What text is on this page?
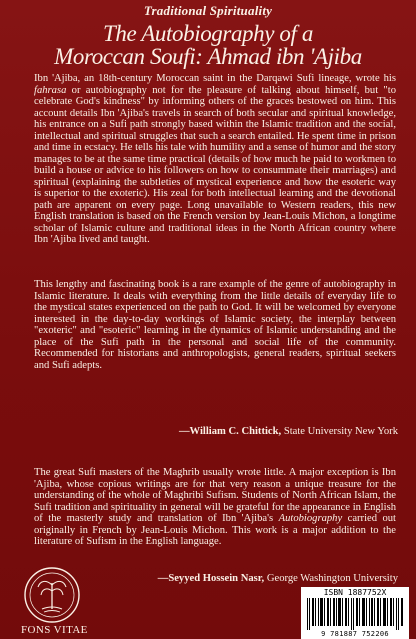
Traditional Spirituality
The Autobiography of a
Moroccan Soufi: Ahmad ibn 'Ajiba

Ibn 'Ajiba, an 18th-century Moroccan saint in the Darqawi Sufi lineage, wrote his fahrasa or autobiography not for the pleasure of talking about himself, but "to celebrate God's kindness" by informing others of the graces bestowed on him. This account details Ibn 'Ajiba's travels in search of both secular and spiritual knowledge, his entrance on a Sufi path strongly based within the Islamic tradition and the social, intellectual and spiritual struggles that such a search entailed. He spent time in prison and time in ecstacy. He tells his tale with humility and a sense of humor and the story manages to be at the same time practical (details of how much he paid to workmen to build a house or advice to his followers on how to consummate their marriages) and spiritual (explaining the subtleties of mystical experience and how the esoteric way is superior to the exoteric). His zeal for both intellectual learning and the devotional path are apparent on every page. Long unavailable to Western readers, this new English translation is based on the French version by Jean-Louis Michon, a longtime scholar of Islamic culture and traditional ideas in the North African country where Ibn 'Ajiba lived and taught.

This lengthy and fascinating book is a rare example of the genre of autobiography in Islamic literature. It deals with everything from the little details of everyday life to the mystical states experienced on the path to God. It will be welcomed by everyone interested in the day-to-day workings of Islamic society, the interplay between "exoteric" and "esoteric" learning in the dynamics of Islamic understanding and the place of the Sufi path in the personal and social life of the community. Recommended for historians and anthropologists, general readers, spiritual seekers and Sufi adepts.

—William C. Chittick, State University New York

The great Sufi masters of the Maghrib usually wrote little. A major exception is Ibn 'Ajiba, whose copious writings are for that very reason a unique treasure for the understanding of the whole of Maghribi Sufism. Students of North African Islam, the Sufi tradition and spirituality in general will be grateful for the appearance in English of the masterly study and translation of Ibn 'Ajiba's Autobiography carried out originally in French by Jean-Louis Michon. This work is a major addition to the literature of Sufism in the English language.

—Seyyed Hossein Nasr, George Washington University
FONS VITAE
ISBN 1887752X
9 781887 752206
